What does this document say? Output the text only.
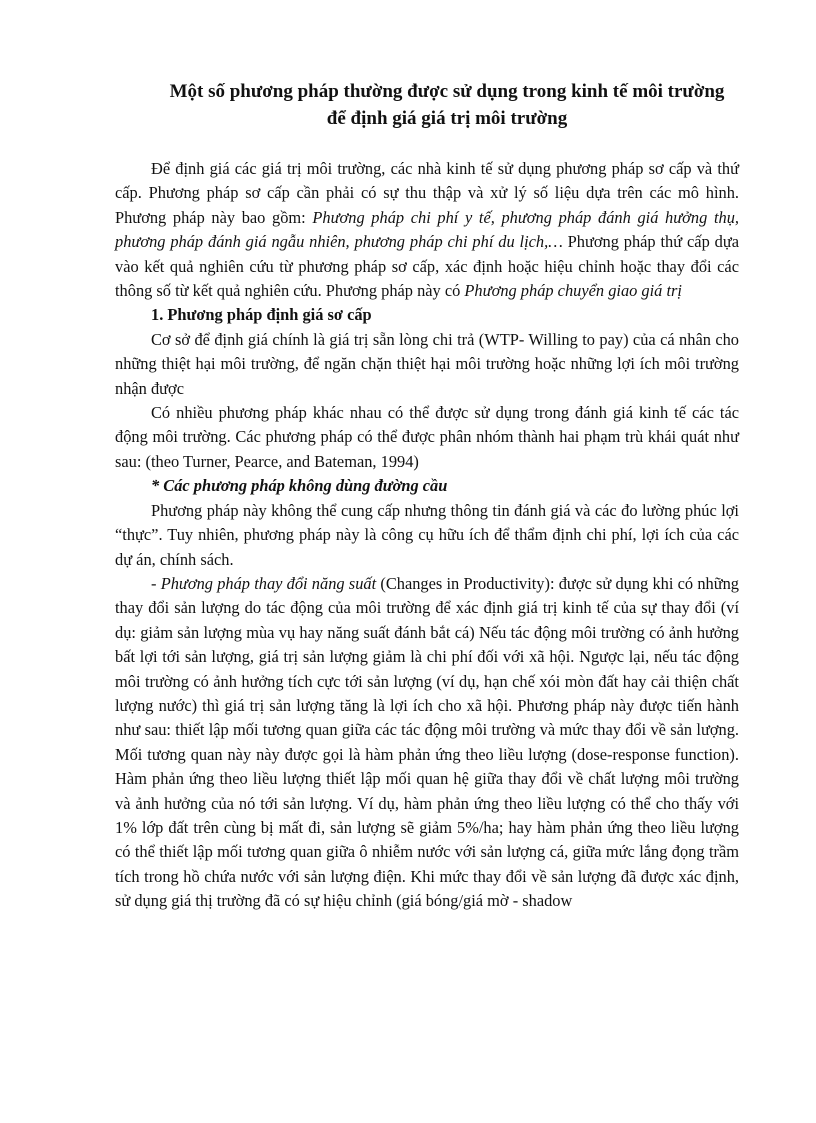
Một số phương pháp thường được sử dụng trong kinh tế môi trường
để định giá giá trị môi trường

Để định giá các giá trị môi trường, các nhà kinh tế sử dụng phương pháp sơ cấp và thứ cấp. Phương pháp sơ cấp cần phải có sự thu thập và xử lý số liệu dựa trên các mô hình. Phương pháp này bao gồm: Phương pháp chi phí y tế, phương pháp đánh giá hưởng thụ, phương pháp đánh giá ngẫu nhiên, phương pháp chi phí du lịch,… Phương pháp thứ cấp dựa vào kết quả nghiên cứu từ phương pháp sơ cấp, xác định hoặc hiệu chỉnh hoặc thay đổi các thông số từ kết quả nghiên cứu. Phương pháp này có Phương pháp chuyển giao giá trị

1. Phương pháp định giá sơ cấp

Cơ sở để định giá chính là giá trị sẵn lòng chi trả (WTP- Willing to pay) của cá nhân cho những thiệt hại môi trường, để ngăn chặn thiệt hại môi trường hoặc những lợi ích môi trường nhận được

Có nhiều phương pháp khác nhau có thể được sử dụng trong đánh giá kinh tế các tác động môi trường. Các phương pháp có thể được phân nhóm thành hai phạm trù khái quát như sau: (theo Turner, Pearce, and Bateman, 1994)

* Các phương pháp không dùng đường cầu

Phương pháp này không thể cung cấp nhưng thông tin đánh giá và các đo lường phúc lợi “thực”. Tuy nhiên, phương pháp này là công cụ hữu ích để thẩm định chi phí, lợi ích của các dự án, chính sách.

- Phương pháp thay đổi năng suất (Changes in Productivity): được sử dụng khi có những thay đổi sản lượng do tác động của môi trường để xác định giá trị kinh tế của sự thay đổi (ví dụ: giảm sản lượng mùa vụ hay năng suất đánh bắt cá) Nếu tác động môi trường có ảnh hưởng bất lợi tới sản lượng, giá trị sản lượng giảm là chi phí đối với xã hội. Ngược lại, nếu tác động môi trường có ảnh hưởng tích cực tới sản lượng (ví dụ, hạn chế xói mòn đất hay cải thiện chất lượng nước) thì giá trị sản lượng tăng là lợi ích cho xã hội. Phương pháp này được tiến hành như sau: thiết lập mối tương quan giữa các tác động môi trường và mức thay đổi về sản lượng. Mối tương quan này này được gọi là hàm phản ứng theo liều lượng (dose-response function). Hàm phản ứng theo liều lượng thiết lập mối quan hệ giữa thay đổi về chất lượng môi trường và ảnh hưởng của nó tới sản lượng. Ví dụ, hàm phản ứng theo liều lượng có thể cho thấy với 1% lớp đất trên cùng bị mất đi, sản lượng sẽ giảm 5%/ha; hay hàm phản ứng theo liều lượng có thể thiết lập mối tương quan giữa ô nhiễm nước với sản lượng cá, giữa mức lắng đọng trầm tích trong hồ chứa nước với sản lượng điện. Khi mức thay đổi về sản lượng đã được xác định, sử dụng giá thị trường đã có sự hiệu chỉnh (giá bóng/giá mờ - shadow
